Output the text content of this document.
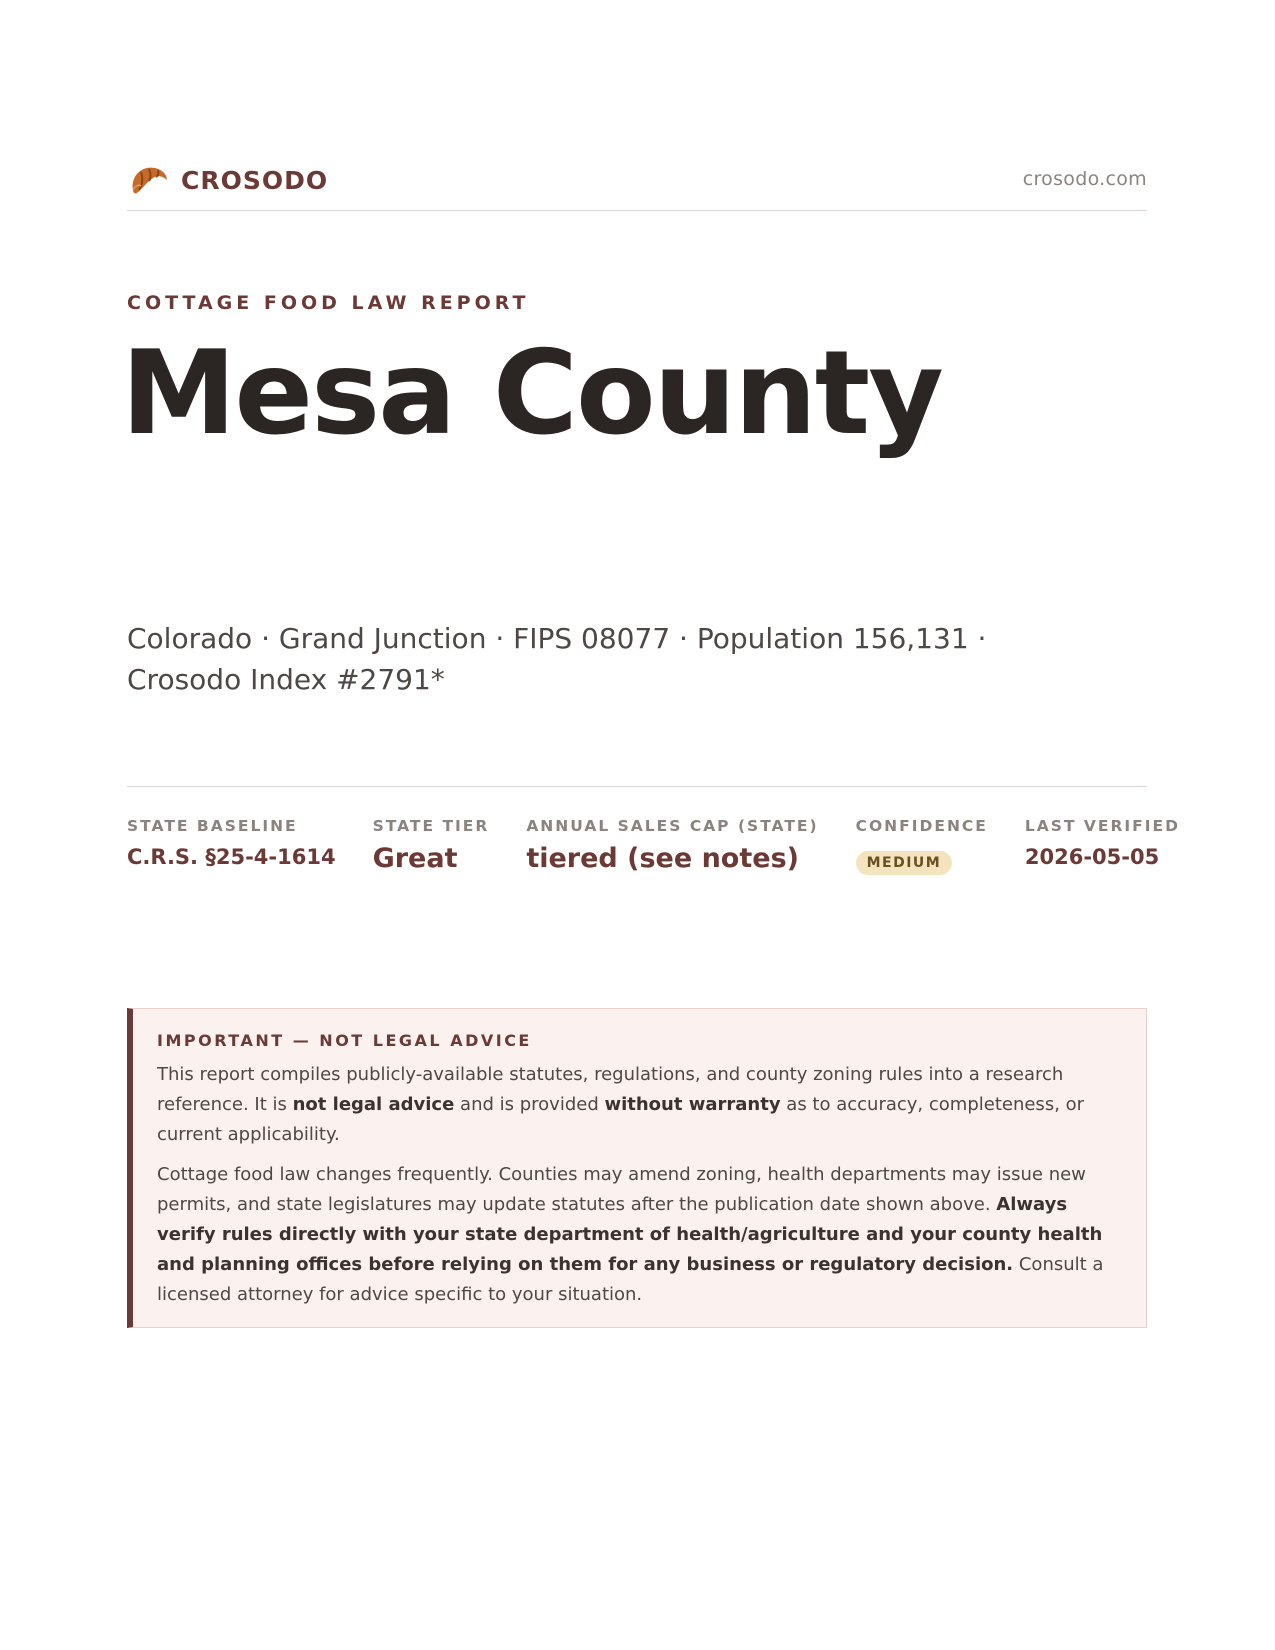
CROSODO	crosodo.com
COTTAGE FOOD LAW REPORT
Mesa County
Colorado · Grand Junction · FIPS 08077 · Population 156,131 ·
Crosodo Index #2791*
STATE BASELINE
C.R.S. §25-4-1614
STATE TIER
Great
ANNUAL SALES CAP (STATE)
tiered (see notes)
CONFIDENCE
MEDIUM
LAST VERIFIED
2026-05-05
IMPORTANT — NOT LEGAL ADVICE

This report compiles publicly-available statutes, regulations, and county zoning rules into a research reference. It is not legal advice and is provided without warranty as to accuracy, completeness, or current applicability.

Cottage food law changes frequently. Counties may amend zoning, health departments may issue new permits, and state legislatures may update statutes after the publication date shown above. Always verify rules directly with your state department of health/agriculture and your county health and planning offices before relying on them for any business or regulatory decision. Consult a licensed attorney for advice specific to your situation.
